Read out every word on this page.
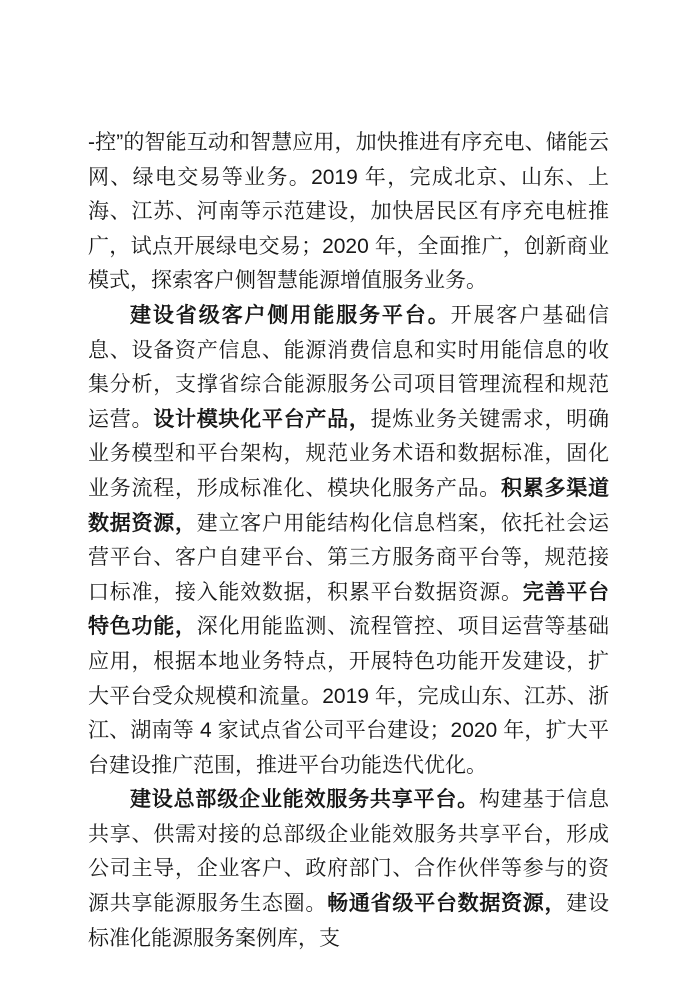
-控”的智能互动和智慧应用，加快推进有序充电、储能云网、绿电交易等业务。2019 年，完成北京、山东、上海、江苏、河南等示范建设，加快居民区有序充电桩推广，试点开展绿电交易；2020 年，全面推广，创新商业模式，探索客户侧智慧能源增值服务业务。

建设省级客户侧用能服务平台。开展客户基础信息、设备资产信息、能源消费信息和实时用能信息的收集分析，支撑省综合能源服务公司项目管理流程和规范运营。设计模块化平台产品，提炼业务关键需求，明确业务模型和平台架构，规范业务术语和数据标准，固化业务流程，形成标准化、模块化服务产品。积累多渠道数据资源，建立客户用能结构化信息档案，依托社会运营平台、客户自建平台、第三方服务商平台等，规范接口标准，接入能效数据，积累平台数据资源。完善平台特色功能，深化用能监测、流程管控、项目运营等基础应用，根据本地业务特点，开展特色功能开发建设，扩大平台受众规模和流量。2019 年，完成山东、江苏、浙江、湖南等 4 家试点省公司平台建设；2020 年，扩大平台建设推广范围，推进平台功能迭代优化。

建设总部级企业能效服务共享平台。构建基于信息共享、供需对接的总部级企业能效服务共享平台，形成公司主导，企业客户、政府部门、合作伙伴等参与的资源共享能源服务生态圈。畅通省级平台数据资源，建设标准化能源服务案例库，支
